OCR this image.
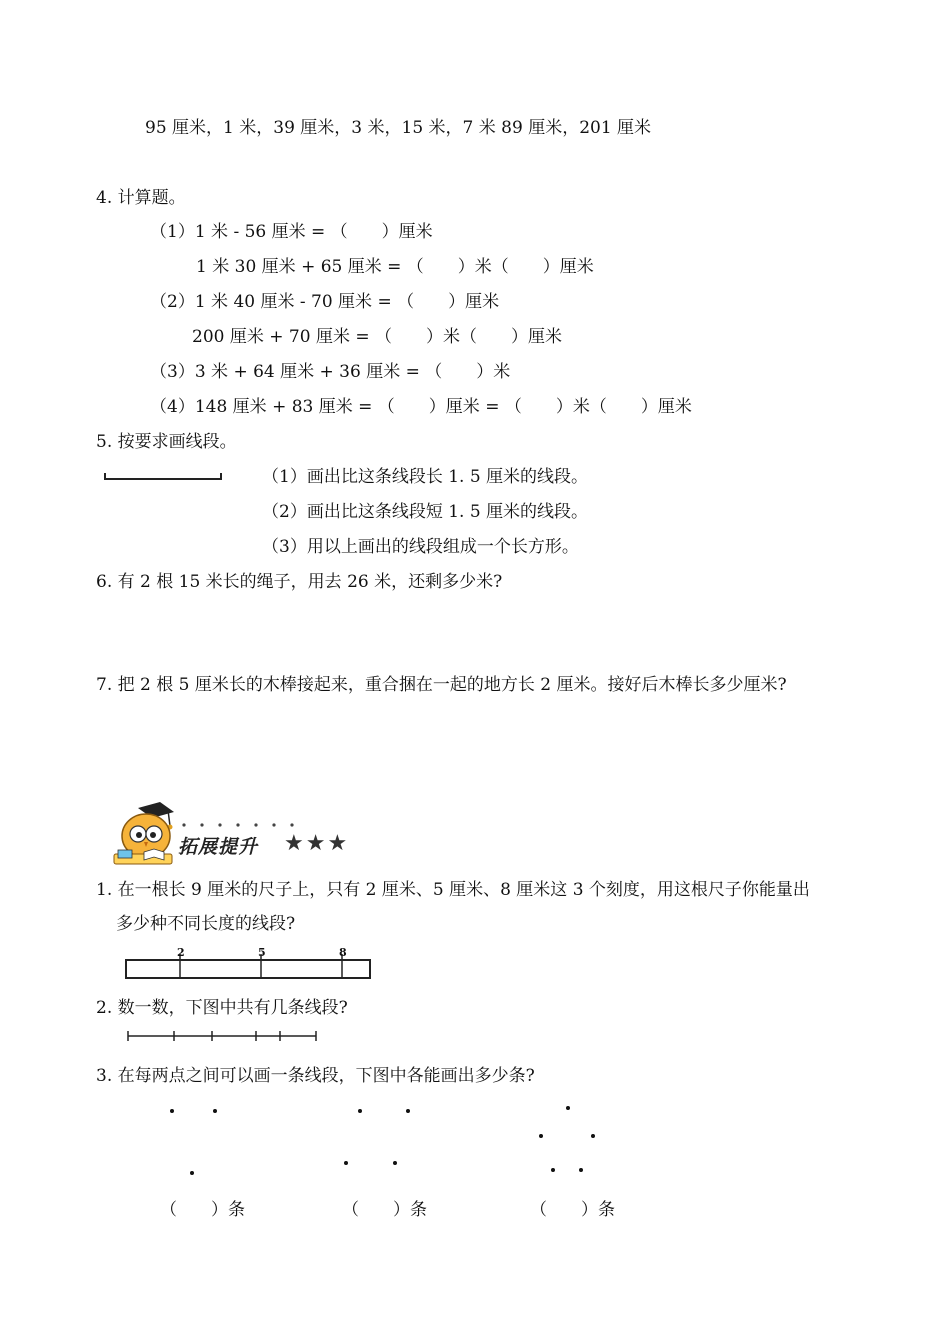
95 厘米，1 米，39 厘米，3 米，15 米，7 米 89 厘米，201 厘米
4. 计算题。
（1）1 米 - 56 厘米 = （　　）厘米
1 米 30 厘米 + 65 厘米 = （　　）米（　　）厘米
（2）1 米 40 厘米 - 70 厘米 = （　　）厘米
200 厘米 + 70 厘米 = （　　）米（　　）厘米
（3）3 米 + 64 厘米 + 36 厘米 = （　　）米
（4）148 厘米 + 83 厘米 = （　　）厘米 = （　　）米（　　）厘米
5. 按要求画线段。
（1）画出比这条线段长 1. 5 厘米的线段。
（2）画出比这条线段短 1. 5 厘米的线段。
（3）用以上画出的线段组成一个长方形。
6. 有 2 根 15 米长的绳子，用去 26 米，还剩多少米?
7. 把 2 根 5 厘米长的木棒接起来，重合捆在一起的地方长 2 厘米。接好后木棒长多少厘米?
拓展提升 ★★★
1. 在一根长 9 厘米的尺子上，只有 2 厘米、5 厘米、8 厘米这 3 个刻度，用这根尺子你能量出
多少种不同长度的线段?
2	5	8
2. 数一数，下图中共有几条线段?
3. 在每两点之间可以画一条线段，下图中各能画出多少条?
（　　）条	（　　）条	（　　）条
